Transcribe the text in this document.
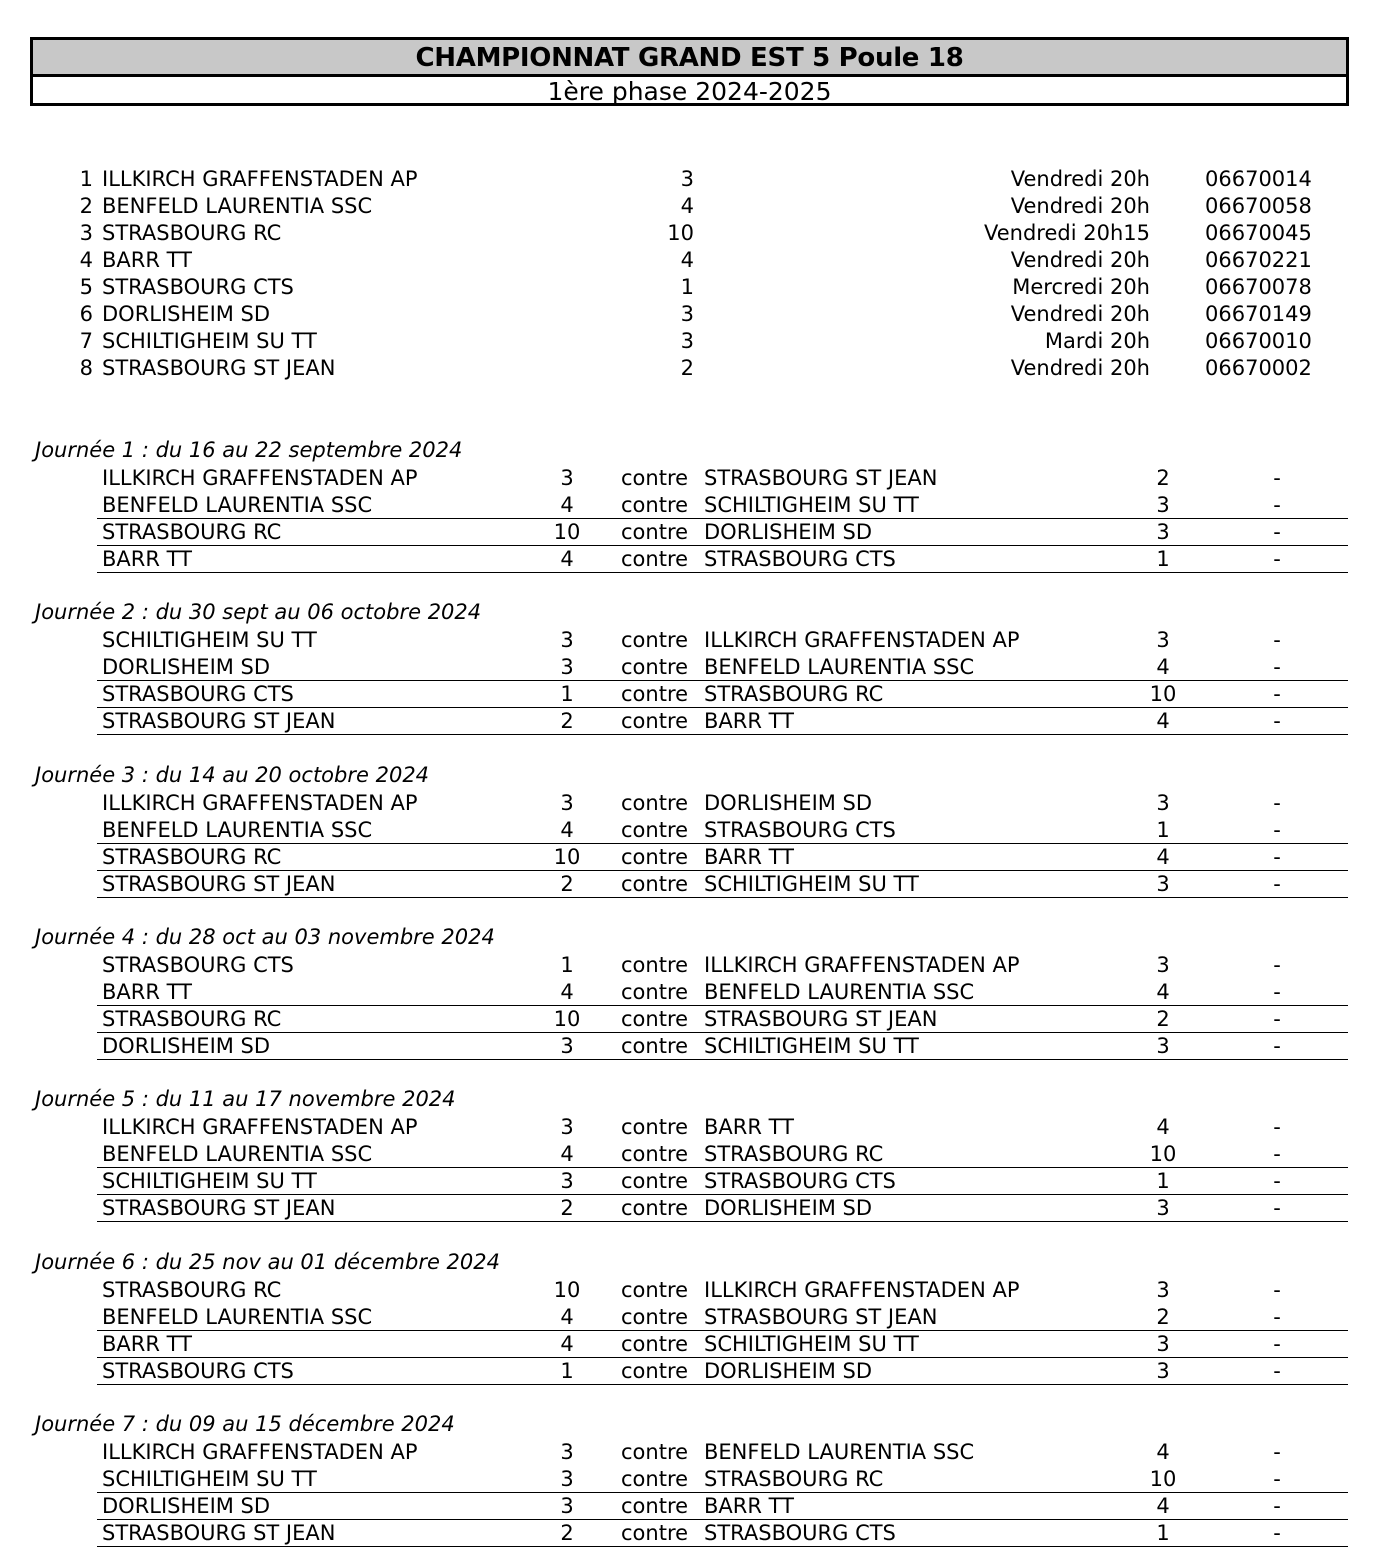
CHAMPIONNAT GRAND EST 5 Poule 18
1ère phase 2024-2025
1 ILLKIRCH GRAFFENSTADEN AP	3	Vendredi 20h	06670014
2 BENFELD LAURENTIA SSC	4	Vendredi 20h	06670058
3 STRASBOURG RC	10	Vendredi 20h15	06670045
4 BARR TT	4	Vendredi 20h	06670221
5 STRASBOURG CTS	1	Mercredi 20h	06670078
6 DORLISHEIM SD	3	Vendredi 20h	06670149
7 SCHILTIGHEIM SU TT	3	Mardi 20h	06670010
8 STRASBOURG ST JEAN	2	Vendredi 20h	06670002
Journée 1 : du 16 au 22 septembre 2024
ILLKIRCH GRAFFENSTADEN AP	3	contre STRASBOURG ST JEAN	2	-
BENFELD LAURENTIA SSC	4	contre SCHILTIGHEIM SU TT	3	-
STRASBOURG RC	10	contre DORLISHEIM SD	3	-
BARR TT	4	contre STRASBOURG CTS	1	-
Journée 2 : du 30 sept au 06 octobre 2024
SCHILTIGHEIM SU TT	3	contre ILLKIRCH GRAFFENSTADEN AP	3	-
DORLISHEIM SD	3	contre BENFELD LAURENTIA SSC	4	-
STRASBOURG CTS	1	contre STRASBOURG RC	10	-
STRASBOURG ST JEAN	2	contre BARR TT	4	-
Journée 3 : du 14 au 20 octobre 2024
ILLKIRCH GRAFFENSTADEN AP	3	contre DORLISHEIM SD	3	-
BENFELD LAURENTIA SSC	4	contre STRASBOURG CTS	1	-
STRASBOURG RC	10	contre BARR TT	4	-
STRASBOURG ST JEAN	2	contre SCHILTIGHEIM SU TT	3	-
Journée 4 : du 28 oct au 03 novembre 2024
STRASBOURG CTS	1	contre ILLKIRCH GRAFFENSTADEN AP	3	-
BARR TT	4	contre BENFELD LAURENTIA SSC	4	-
STRASBOURG RC	10	contre STRASBOURG ST JEAN	2	-
DORLISHEIM SD	3	contre SCHILTIGHEIM SU TT	3	-
Journée 5 : du 11 au 17 novembre 2024
ILLKIRCH GRAFFENSTADEN AP	3	contre BARR TT	4	-
BENFELD LAURENTIA SSC	4	contre STRASBOURG RC	10	-
SCHILTIGHEIM SU TT	3	contre STRASBOURG CTS	1	-
STRASBOURG ST JEAN	2	contre DORLISHEIM SD	3	-
Journée 6 : du 25 nov au 01 décembre 2024
STRASBOURG RC	10	contre ILLKIRCH GRAFFENSTADEN AP	3	-
BENFELD LAURENTIA SSC	4	contre STRASBOURG ST JEAN	2	-
BARR TT	4	contre SCHILTIGHEIM SU TT	3	-
STRASBOURG CTS	1	contre DORLISHEIM SD	3	-
Journée 7 : du 09 au 15 décembre 2024
ILLKIRCH GRAFFENSTADEN AP	3	contre BENFELD LAURENTIA SSC	4	-
SCHILTIGHEIM SU TT	3	contre STRASBOURG RC	10	-
DORLISHEIM SD	3	contre BARR TT	4	-
STRASBOURG ST JEAN	2	contre STRASBOURG CTS	1	-
